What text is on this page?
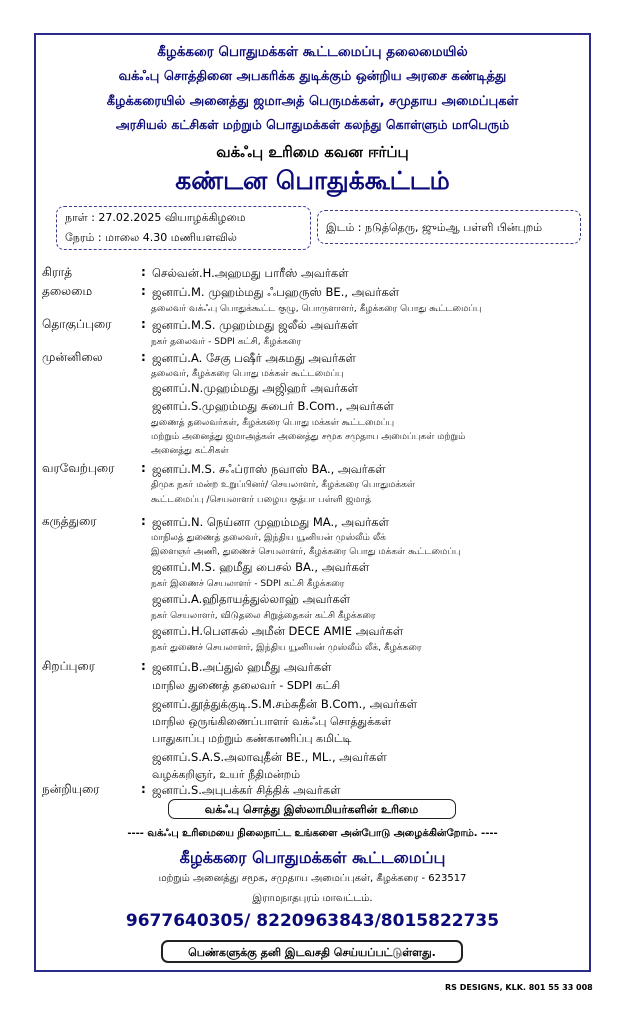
கீழக்கரை பொதுமக்கள் கூட்டமைப்பு தலைமையில்
வக்ஃபு சொத்தினை அபகரிக்க துடிக்கும் ஒன்றிய அரசை கண்டித்து
கீழக்கரையில் அனைத்து ஜமாஅத் பெருமக்கள், சமுதாய அமைப்புகள்
அரசியல் கட்சிகள் மற்றும் பொதுமக்கள் கலந்து கொள்ளும் மாபெரும்
வக்ஃபு உரிமை கவன ஈர்ப்பு
கண்டன பொதுக்கூட்டம்
நாள் : 27.02.2025 வியாழக்கிழமை
நேரம் : மாலை 4.30 மணியளவில்
இடம் : நடுத்தெரு, ஜும்ஆ பள்ளி பின்புறம்
கிராத்	: செல்வன்.H.அஹமது பாரீஸ் அவர்கள்
தலைமை	: ஜனாப்.M. முஹம்மது ஃபஹருஸ் BE., அவர்கள்
தலைவர் வக்ஃபு பொதுக்கூட்ட குழு, பொருளாளர், கீழக்கரை பொது கூட்டமைப்பு
தொகுப்புரை : ஜனாப்.M.S. முஹம்மது ஜலீல் அவர்கள்
நகர் தலைவர் - SDPI கட்சி, கீழக்கரை
முன்னிலை	: ஜனாப்.A. சேகு பஷீர் அகமது அவர்கள்
தலைவர், கீழக்கரை பொது மக்கள் கூட்டமைப்பு
ஜனாப்.N.முஹம்மது அஜிஹர் அவர்கள்
ஜனாப்.S.முஹம்மது சுபைர் B.Com., அவர்கள்
துணைத் தலைவர்கள், கீழக்கரை பொது மக்கள் கூட்டமைப்பு
மற்றும் அனைத்து ஜமாஅத்கள் அனைத்து சமூக சமுதாய அமைப்புகள் மற்றும்
அனைத்து கட்சிகள்
வரவேற்புரை : ஜனாப்.M.S. சஃப்ராஸ் நவாஸ் BA., அவர்கள்
திமுக நகர் மன்ற உறுப்பினர்/ செயலாளர், கீழக்கரை பொதுமக்கள்
கூட்டமைப்பு /செயலாளர் பழைய குத்பா பள்ளி ஜமாத்
கருத்துரை	: ஜனாப்.N. நெய்னா முஹம்மது MA., அவர்கள்
மாநிலத் துணைத் தலைவர், இந்திய யூனியன் முஸ்லீம் லீக்
இளைஞர் அணி, துணைச் செயலாளர், கீழக்கரை பொது மக்கள் கூட்டமைப்பு
ஜனாப்.M.S. ஹமீது பைசல் BA., அவர்கள்
நகர் இணைச் செயலாளர் - SDPI கட்சி கீழக்கரை
ஜனாப்.A.ஹிதாயத்துல்லாஹ் அவர்கள்
நகர் செயலாளர், விடுதலை சிறுத்தைகள் கட்சி கீழக்கரை
ஜனாப்.H.பௌசுல் அமீன் DECE AMIE அவர்கள்
நகர் துணைச் செயலாளர், இந்திய யூனியன் முஸ்லீம் லீக், கீழக்கரை
சிறப்புரை	: ஜனாப்.B.அப்துல் ஹமீது அவர்கள்
மாநில துணைத் தலைவர் - SDPI கட்சி
ஜனாப்.தூத்துக்குடி.S.M.சம்சுதீன் B.Com., அவர்கள்
மாநில ஒருங்கிணைப்பாளர் வக்ஃபு சொத்துக்கள்
பாதுகாப்பு மற்றும் கண்காணிப்பு கமிட்டி
ஜனாப்.S.A.S.அலாவுதீன் BE., ML., அவர்கள்
வழக்கறிஞர், உயர் நீதிமன்றம்
நன்றியுரை	: ஜனாப்.S.அபுபக்கர் சித்திக் அவர்கள்
வக்ஃபு சொத்து இஸ்லாமியர்களின் உரிமை
---- வக்ஃபு உரிமையை நிலைநாட்ட உங்களை அன்போடு அழைக்கின்றோம். ----
கீழக்கரை பொதுமக்கள் கூட்டமைப்பு
மற்றும் அனைத்து சமூக, சமுதாய அமைப்புகள், கீழக்கரை - 623517
இராமநாதபுரம் மாவட்டம்.
9677640305/ 8220963843/8015822735
பெண்களுக்கு தனி இடவசதி செய்யப்பட்டுள்ளது.
RS DESIGNS, KLK. 801 55 33 008
